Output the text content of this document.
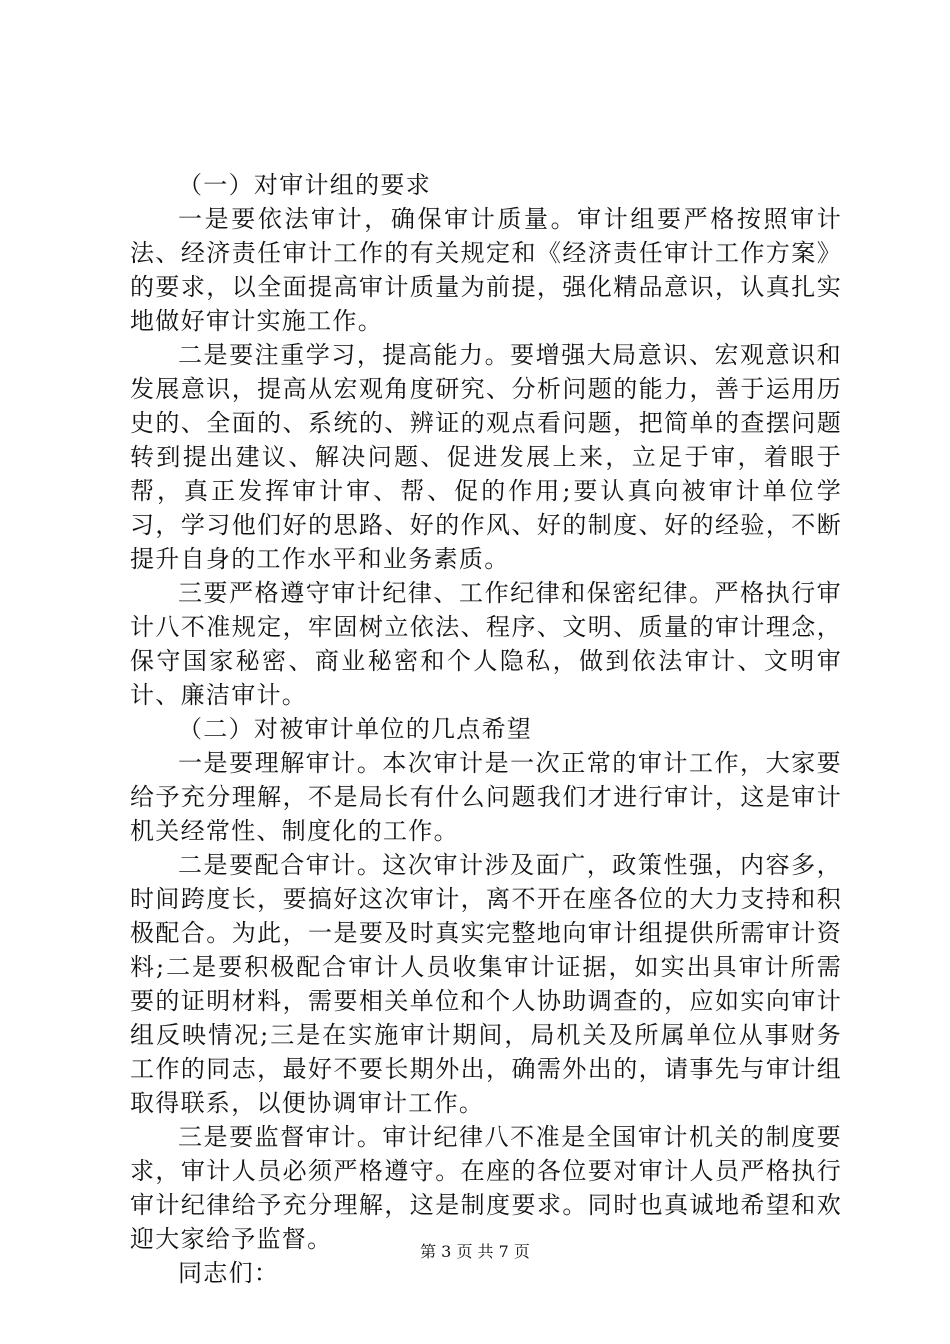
（一）对审计组的要求

一是要依法审计，确保审计质量。审计组要严格按照审计法、经济责任审计工作的有关规定和《经济责任审计工作方案》的要求，以全面提高审计质量为前提，强化精品意识，认真扎实地做好审计实施工作。

二是要注重学习，提高能力。要增强大局意识、宏观意识和发展意识，提高从宏观角度研究、分析问题的能力，善于运用历史的、全面的、系统的、辨证的观点看问题，把简单的查摆问题转到提出建议、解决问题、促进发展上来，立足于审，着眼于帮，真正发挥审计审、帮、促的作用;要认真向被审计单位学习，学习他们好的思路、好的作风、好的制度、好的经验，不断提升自身的工作水平和业务素质。

三要严格遵守审计纪律、工作纪律和保密纪律。严格执行审计八不准规定，牢固树立依法、程序、文明、质量的审计理念，保守国家秘密、商业秘密和个人隐私，做到依法审计、文明审计、廉洁审计。

（二）对被审计单位的几点希望

一是要理解审计。本次审计是一次正常的审计工作，大家要给予充分理解，不是局长有什么问题我们才进行审计，这是审计机关经常性、制度化的工作。

二是要配合审计。这次审计涉及面广，政策性强，内容多，时间跨度长，要搞好这次审计，离不开在座各位的大力支持和积极配合。为此，一是要及时真实完整地向审计组提供所需审计资料;二是要积极配合审计人员收集审计证据，如实出具审计所需要的证明材料，需要相关单位和个人协助调查的，应如实向审计组反映情况;三是在实施审计期间，局机关及所属单位从事财务工作的同志，最好不要长期外出，确需外出的，请事先与审计组取得联系，以便协调审计工作。

三是要监督审计。审计纪律八不准是全国审计机关的制度要求，审计人员必须严格遵守。在座的各位要对审计人员严格执行审计纪律给予充分理解，这是制度要求。同时也真诚地希望和欢迎大家给予监督。

同志们：

第 3 页 共 7 页
